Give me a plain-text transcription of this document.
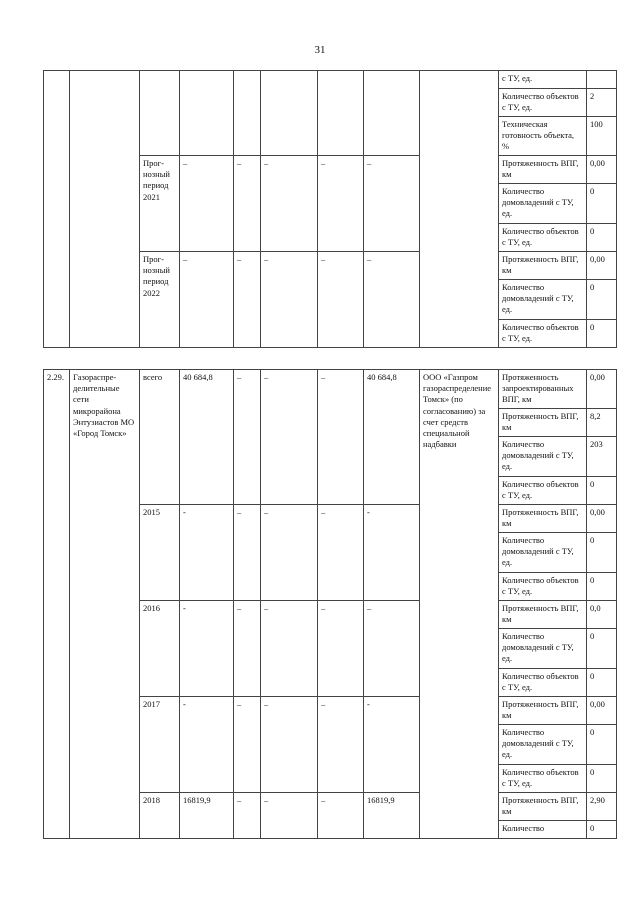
31
									с ТУ, ед.	
									Количество объектов с ТУ, ед.	2
									Техническая готовность объекта, %	100
		Прог-нозный период 2021	–	–	–	–	–		Протяженность ВПГ, км	0,00
									Количество домовладений с ТУ, ед.	0
									Количество объектов с ТУ, ед.	0
		Прог-нозный период 2022	–	–	–	–	–		Протяженность ВПГ, км	0,00
									Количество домовладений с ТУ, ед.	0
									Количество объектов с ТУ, ед.	0
2.29.	Газораспре-делительные сети микрорайона Энтузиастов МО «Город Томск»	всего	40 684,8	–	–	–	40 684,8	ООО «Газпром газораспределение Томск» (по согласованию) за счет средств специальной надбавки	Протяженность запроектированных ВПГ, км	0,00
									Протяженность ВПГ, км	8,2
									Количество домовладений с ТУ, ед.	203
									Количество объектов с ТУ, ед.	0
		2015	-	–	–	–	-		Протяженность ВПГ, км	0,00
									Количество домовладений с ТУ, ед.	0
									Количество объектов с ТУ, ед.	0
		2016	-	–	–	–	–		Протяженность ВПГ, км	0,0
									Количество домовладений с ТУ, ед.	0
									Количество объектов с ТУ, ед.	0
		2017	-	–	–	–	-		Протяженность ВПГ, км	0,00
									Количество домовладений с ТУ, ед.	0
									Количество объектов с ТУ, ед.	0
		2018	16819,9	–	–	–	16819,9		Протяженность ВПГ, км	2,90
									Количество	0
